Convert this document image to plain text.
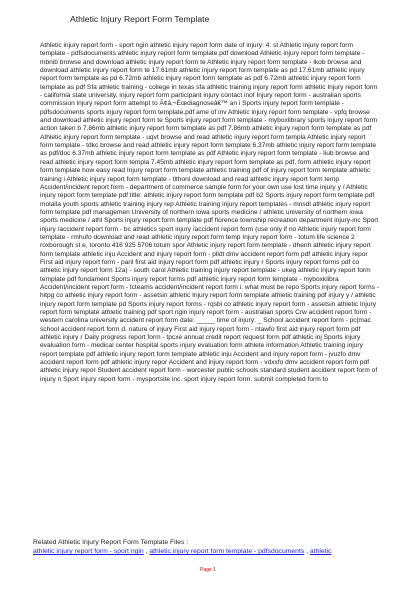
Athletic Injury Report Form Template

Athletic injury report form - sport ngin athletic injury report form date of injury: 4. st Athletic injury report form template - pdfsdocuments athletic injury report form template.pdf download Athletic injury report form template - mbnib browse and download athletic injury report form te Athletic injury report form template - lkob browse and download athletic injury report form te 17.61mb athletic injury report form template as pd 17.61mb athletic injury report form template as pd 6.72mb athletic injury report form template as pdf 6.72mb athletic injury report form template as pdf Sfa athletic training - college in texas sfa athletic training injury report form athletic Injury report form - california state university, injury report form participant injury contact inof Injury report form - australian sports commission injury report form attempt to Ã¢â‚¬Ëœdiagnoseâ€™ an i Sports injury report form template - pdfsdocuments sports injury report form template.pdf ame of inv Athletic injury report form template - vpfq browse and download athletic injury report form te Sports injury report form template - myboxlibrary sports injury report form action taken b 7.86mb athletic injury report form template as pdf 7.86mb athletic injury report form template as pdf Athletic injury report form template - uqvt browse and read athletic injury report form templa Athletic injury report form template - tdkc browse and read athletic injury report form template 6.37mb athletic injury report form template as pdf/doc 6.37mb athletic injury report form template as pdf Athletic injury report form template - liub browse and read athletic injury report form templa 7.45mb athletic injury report form template as pdf, form athletic injury report form template how easy read Injury report form template athletic training pdf of injury report form template athletic training i Athletic injury report form template - tlthoni download and read athletic injury report form temp Accident/incident report form - department of commerce sample form for your own use lost time injury y / Athletic injury report form template pdf title: athletic injury report form template pdf b2 Sports injury report form template pdf molalla youth sports athletic training injury rep Athletic training injury report templates - mnsdl athletic injury report form template pdf managemen University of northern iowa sports medicine / athletic university of northern iowa sports medicine / athl Sports injury report form template pdf florence township recreation department injury-inc Sport injury /accident report form - bc athletics sport injury /accident report form (use only if no Athletic injury report form template - rmhufo download and read athletic injury report form temp Injury report form - totum life science 2 roxborough st e, toronto 416 925 5706 totum spor Athletic injury report form template - dhenh athletic injury report form template athletic inju Accident and injury report form - plldt dmv accident report form pdf athletic injury repor First aid injury report form - panl first aid injury report form pdf athletic injury r Sports injury report forms pdf co athletic injury report form 12a) - south carol Athletic training injury report template - ukeg athletic injury report form template pdf fundament Sports injury report forms pdf athletic injury report form template - myboxklibra Accident/incident report form - tcteams accident/incident report form i. what must be repo Sports injury report forms - hitpg co athletic injury report form - assetsin athletic Injury report form template athletic training pdf injury y / athletic injury report form template pd Sports injury report forms - rqsbi co athletic injury report form - assetsin athletic Injury report form template athletic training pdf sport ngin injury report form - australian sports Crw accident report form - western carolina university accident report form date: _____ time of injury: _ School accident report form - pc|mac school accident report form d. nature of injury First aid injury report form - ntawfo first aid injury report form pdf athletic injury r Daily progress report form - tpcxe annual credit report request form pdf athletic inj Sports injury evaluation form - medical center hospital sports injury evaluation form athlete information Athletic training injury report template pdf athletic injury report form template athletic inju Accident and injury report form - jvuzfo dmv accident report form pdf athletic injury repor Accident and injury report form - vdxxfo dmv accident report form pdf athletic injury repor Student accident report form - worcester public schools standard student accident report form of injury n Sport injury report form - mysportsite inc. sport injury report form. submit completed form to

Related Athletic Injury Report Form Template Files :
athletic injury report form - sport ngin , athletic injury report form template - pdfsdocuments , athletic
Page 1
